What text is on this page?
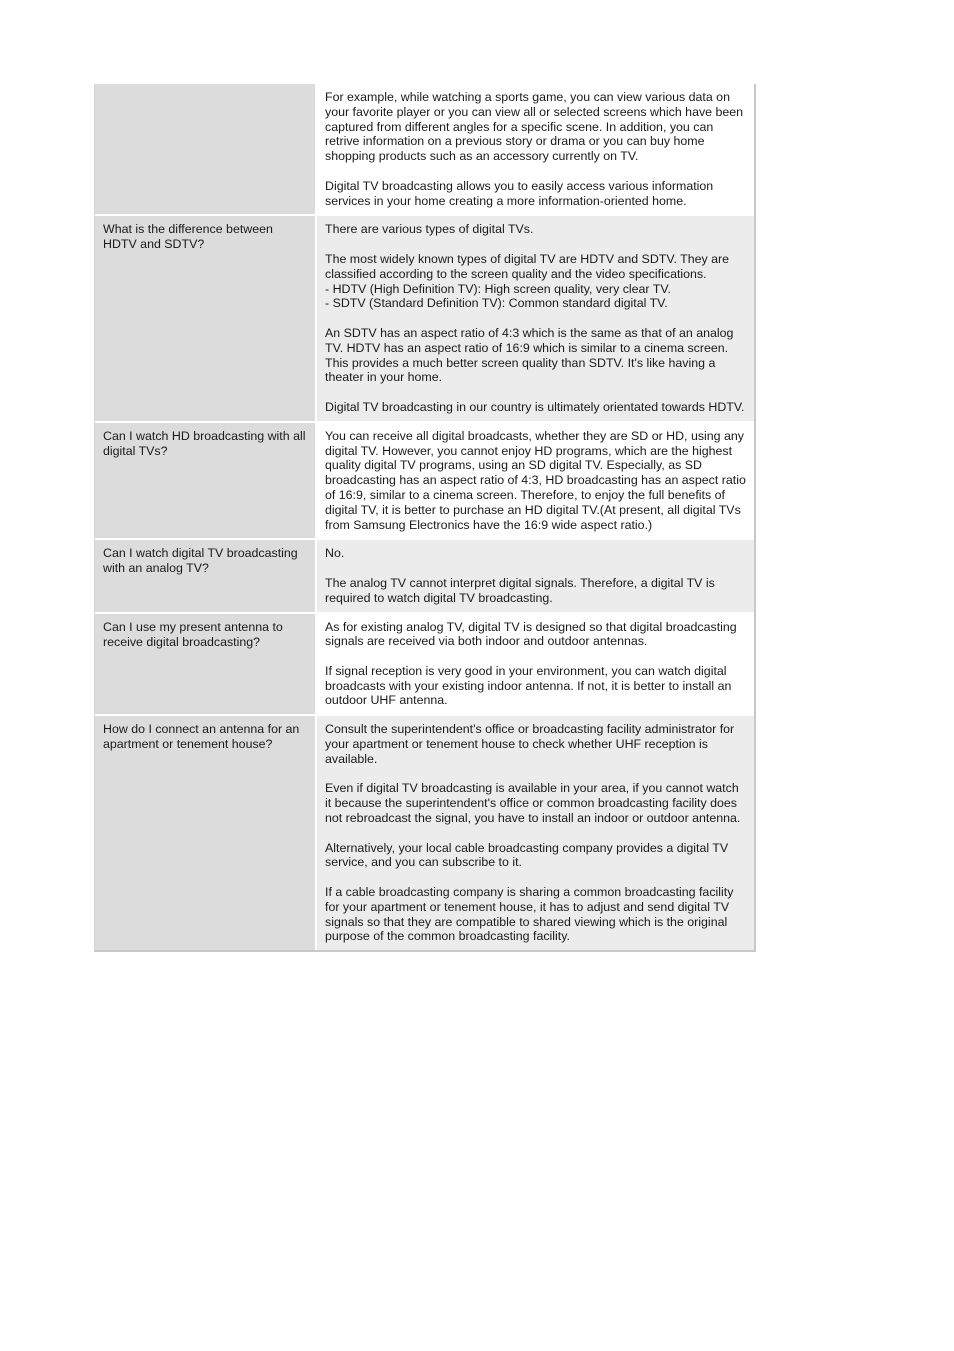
For example, while watching a sports game, you can view various data on your favorite player or you can view all or selected screens which have been captured from different angles for a specific scene. In addition, you can retrive information on a previous story or drama or you can buy home shopping products such as an accessory currently on TV.

Digital TV broadcasting allows you to easily access various information services in your home creating a more information-oriented home.

What is the difference between HDTV and SDTV?

There are various types of digital TVs.

The most widely known types of digital TV are HDTV and SDTV. They are classified according to the screen quality and the video specifications.
- HDTV (High Definition TV): High screen quality, very clear TV.
- SDTV (Standard Definition TV): Common standard digital TV.

An SDTV has an aspect ratio of 4:3 which is the same as that of an analog TV. HDTV has an aspect ratio of 16:9 which is similar to a cinema screen. This provides a much better screen quality than SDTV. It's like having a theater in your home.

Digital TV broadcasting in our country is ultimately orientated towards HDTV.

Can I watch HD broadcasting with all digital TVs?

You can receive all digital broadcasts, whether they are SD or HD, using any digital TV. However, you cannot enjoy HD programs, which are the highest quality digital TV programs, using an SD digital TV. Especially, as SD broadcasting has an aspect ratio of 4:3, HD broadcasting has an aspect ratio of 16:9, similar to a cinema screen. Therefore, to enjoy the full benefits of digital TV, it is better to purchase an HD digital TV.(At present, all digital TVs from Samsung Electronics have the 16:9 wide aspect ratio.)

Can I watch digital TV broadcasting with an analog TV?

No.

The analog TV cannot interpret digital signals. Therefore, a digital TV is required to watch digital TV broadcasting.

Can I use my present antenna to receive digital broadcasting?

As for existing analog TV, digital TV is designed so that digital broadcasting signals are received via both indoor and outdoor antennas.

If signal reception is very good in your environment, you can watch digital broadcasts with your existing indoor antenna. If not, it is better to install an outdoor UHF antenna.

How do I connect an antenna for an apartment or tenement house?

Consult the superintendent's office or broadcasting facility administrator for your apartment or tenement house to check whether UHF reception is available.

Even if digital TV broadcasting is available in your area, if you cannot watch it because the superintendent's office or common broadcasting facility does not rebroadcast the signal, you have to install an indoor or outdoor antenna.

Alternatively, your local cable broadcasting company provides a digital TV service, and you can subscribe to it.

If a cable broadcasting company is sharing a common broadcasting facility for your apartment or tenement house, it has to adjust and send digital TV signals so that they are compatible to shared viewing which is the original purpose of the common broadcasting facility.
